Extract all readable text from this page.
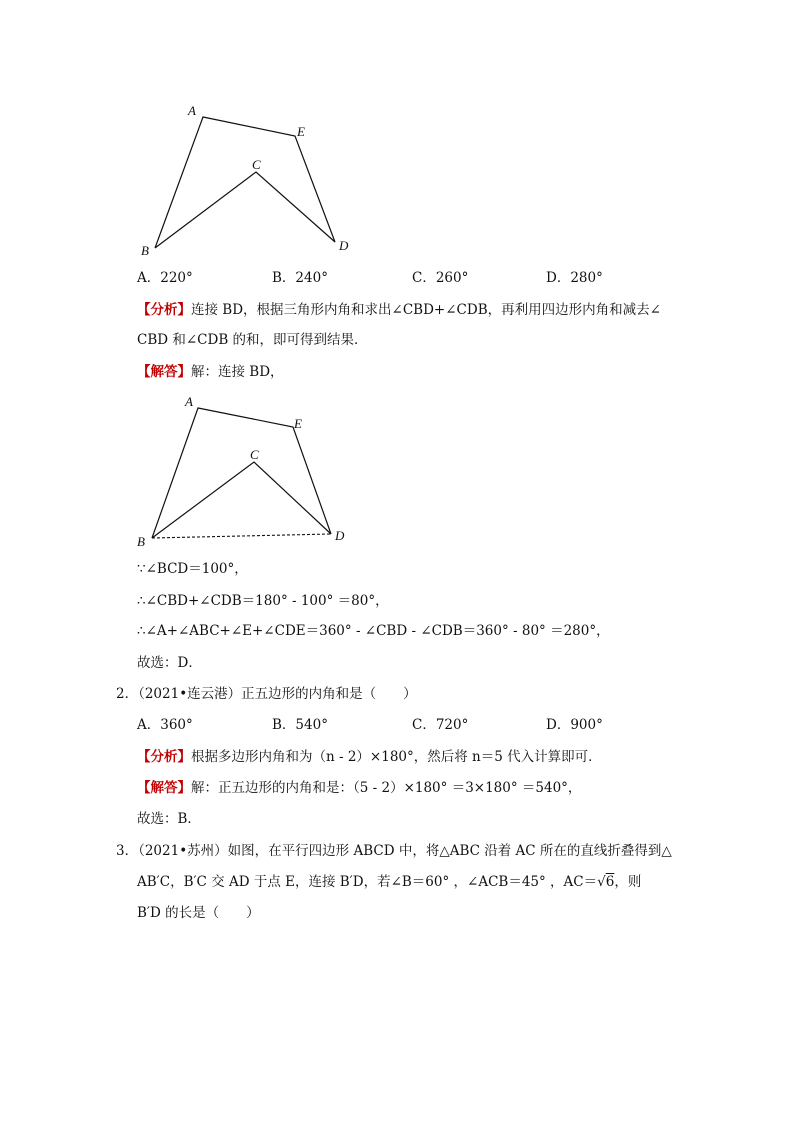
A
E
C
B	D
A．220°	B．240°	C．260°	D．280°
【分析】连接 BD，根据三角形内角和求出∠CBD+∠CDB，再利用四边形内角和减去∠
CBD 和∠CDB 的和，即可得到结果．
【解答】解：连接 BD，
A
E
C
B	D
∵∠BCD＝100°，
∴∠CBD+∠CDB＝180° - 100° ＝80°，
∴∠A+∠ABC+∠E+∠CDE＝360° - ∠CBD - ∠CDB＝360° - 80° ＝280°，
故选：D．
2．（2021•连云港）正五边形的内角和是（　　）
A．360°	B．540°	C．720°	D．900°
【分析】根据多边形内角和为（n - 2）×180°，然后将 n＝5 代入计算即可．
【解答】解：正五边形的内角和是：（5 - 2）×180° ＝3×180° ＝540°，
故选：B．
3．（2021•苏州）如图，在平行四边形 ABCD 中，将△ABC 沿着 AC 所在的直线折叠得到△
AB′C，B′C 交 AD 于点 E，连接 B′D，若∠B＝60° ，∠ACB＝45° ，AC＝√6，则
B′D 的长是（　　）
